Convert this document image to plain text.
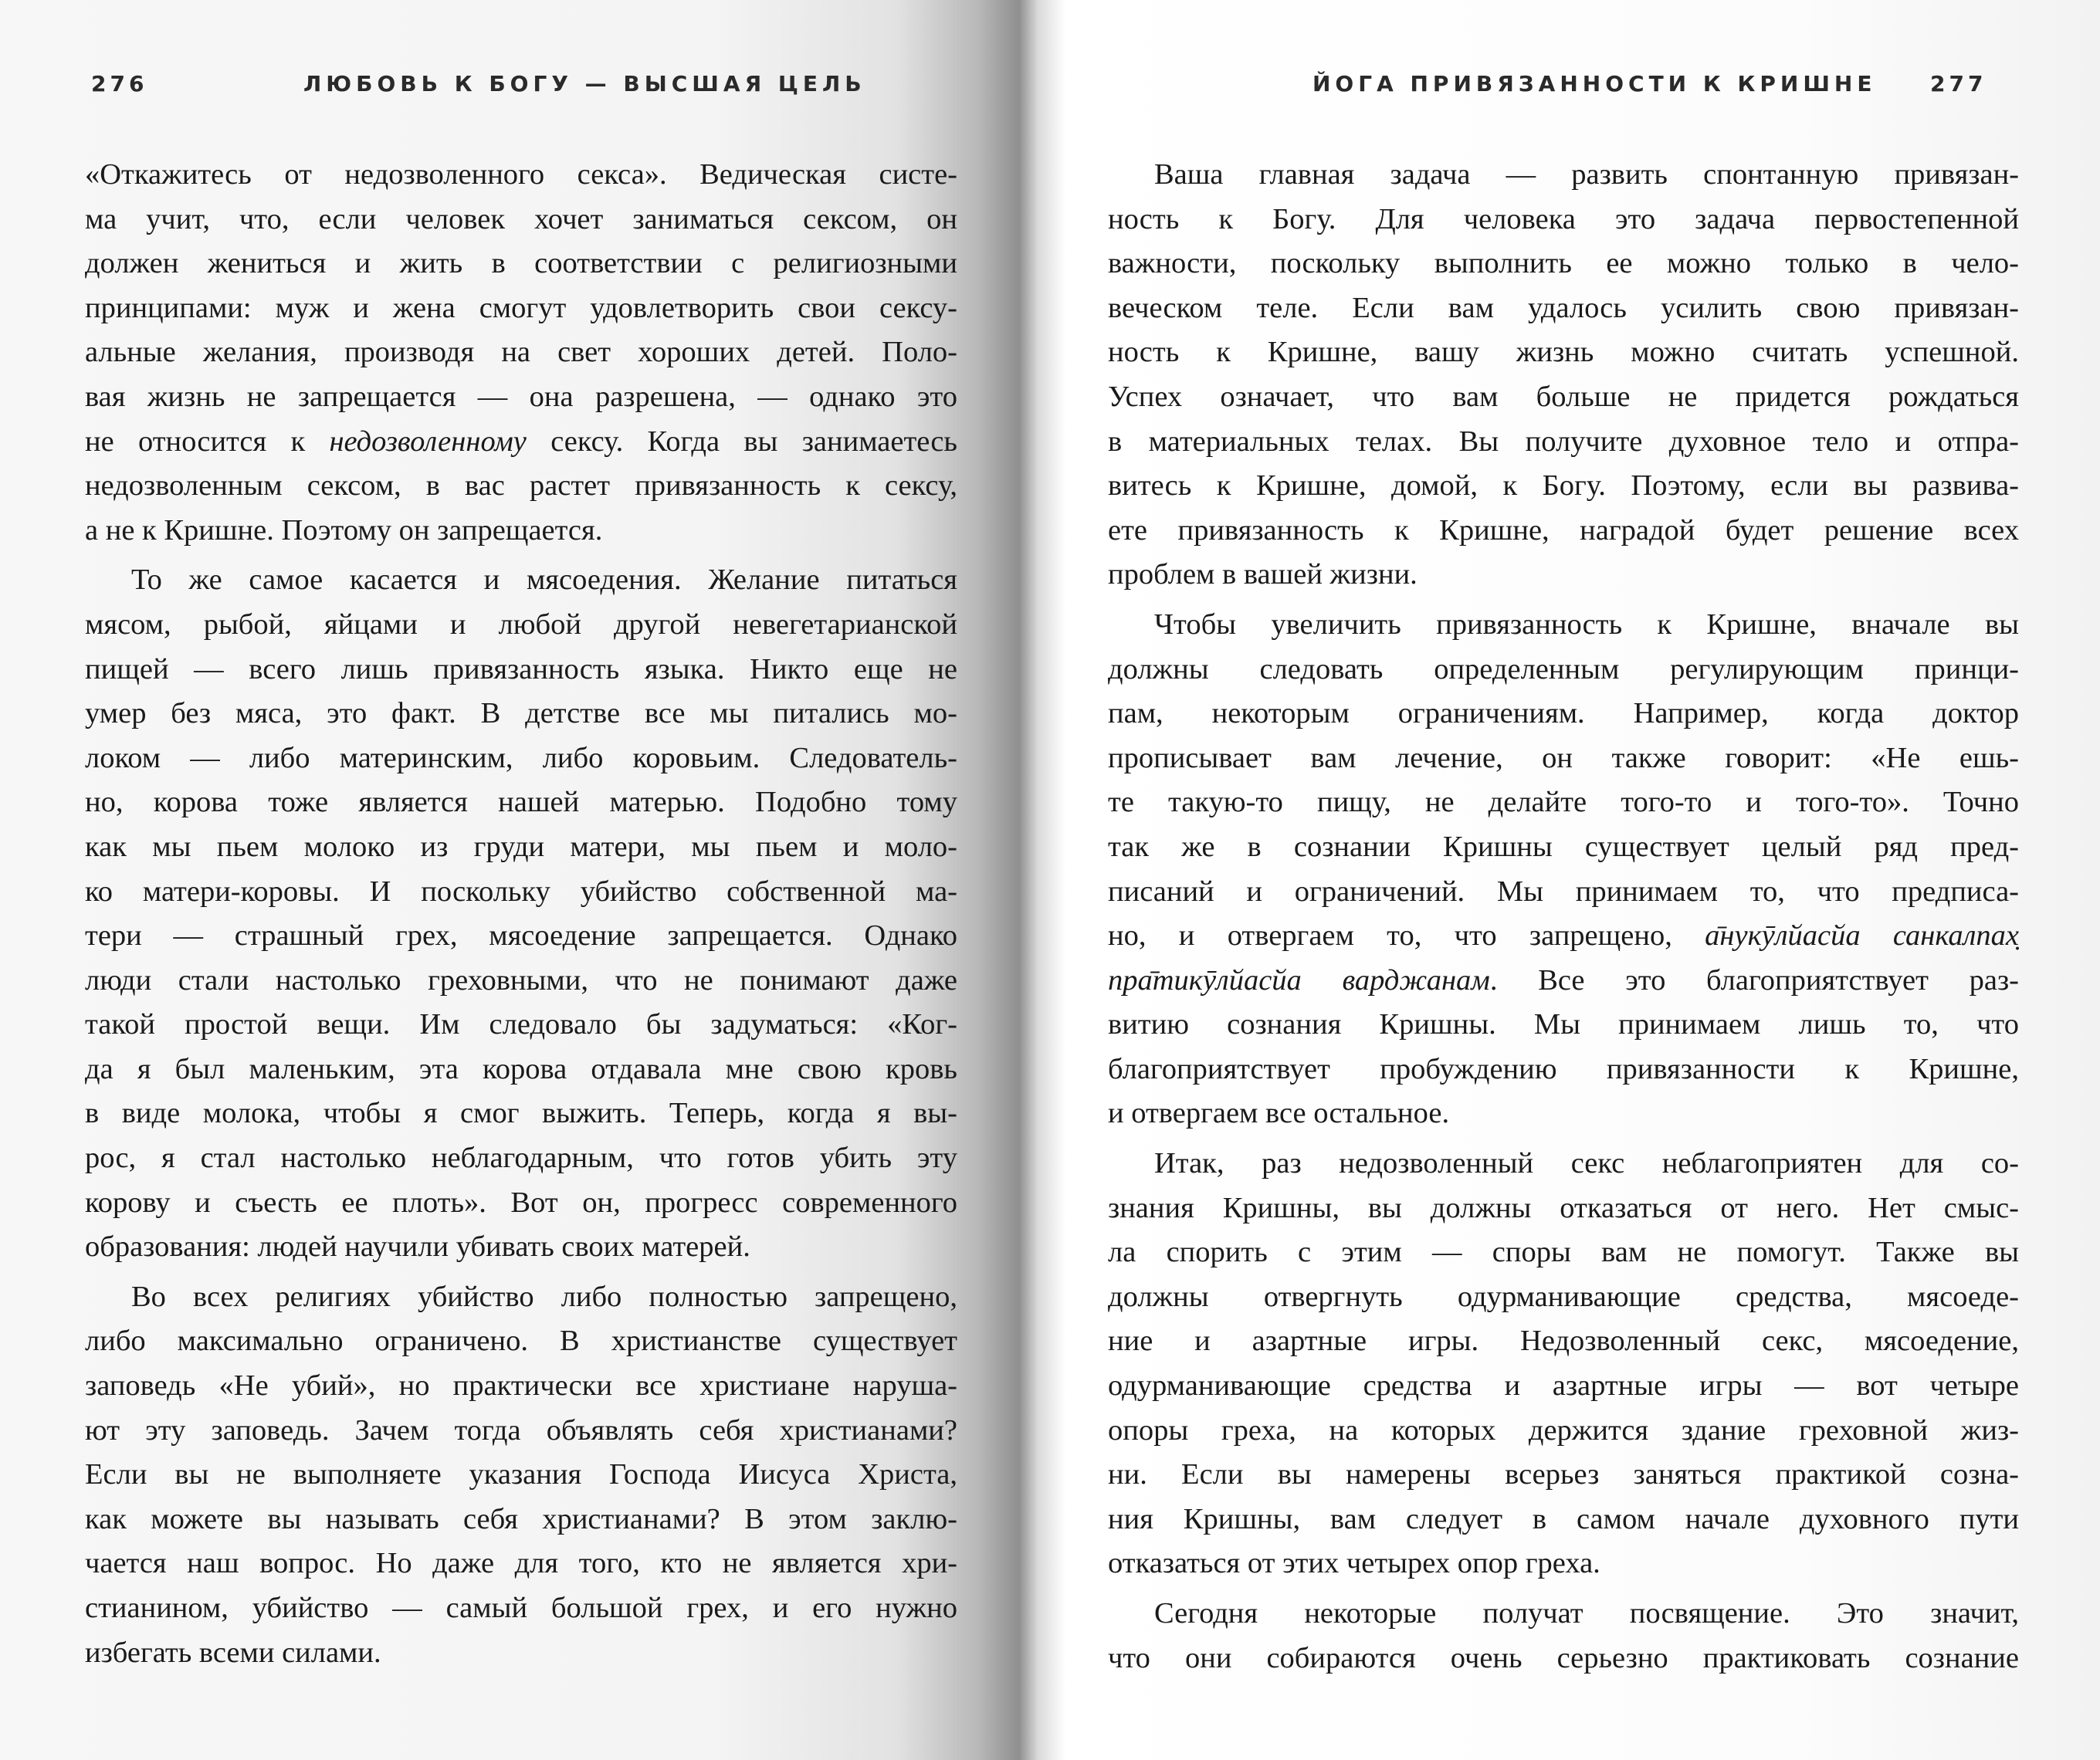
276	ЛЮБОВЬ К БОГУ — ВЫСШАЯ ЦЕЛЬ
«Откажитесь от недозволенного секса». Ведическая систе-
ма учит, что, если человек хочет заниматься сексом, он
должен жениться и жить в соответствии с религиозными
принципами: муж и жена смогут удовлетворить свои сексу-
альные желания, производя на свет хороших детей. Поло-
вая жизнь не запрещается — она разрешена, — однако это
не относится к недозволенному сексу. Когда вы занимаетесь
недозволенным сексом, в вас растет привязанность к сексу,
а не к Кришне. Поэтому он запрещается.
То же самое касается и мясоедения. Желание питаться
мясом, рыбой, яйцами и любой другой невегетарианской
пищей — всего лишь привязанность языка. Никто еще не
умер без мяса, это факт. В детстве все мы питались мо-
локом — либо материнским, либо коровьим. Следователь-
но, корова тоже является нашей матерью. Подобно тому
как мы пьем молоко из груди матери, мы пьем и моло-
ко матери-коровы. И поскольку убийство собственной ма-
тери — страшный грех, мясоедение запрещается. Однако
люди стали настолько греховными, что не понимают даже
такой простой вещи. Им следовало бы задуматься: «Ког-
да я был маленьким, эта корова отдавала мне свою кровь
в виде молока, чтобы я смог выжить. Теперь, когда я вы-
рос, я стал настолько неблагодарным, что готов убить эту
корову и съесть ее плоть». Вот он, прогресс современного
образования: людей научили убивать своих матерей.
Во всех религиях убийство либо полностью запрещено,
либо максимально ограничено. В христианстве существует
заповедь «Не убий», но практически все христиане наруша-
ют эту заповедь. Зачем тогда объявлять себя христианами?
Если вы не выполняете указания Господа Иисуса Христа,
как можете вы называть себя христианами? В этом заклю-
чается наш вопрос. Но даже для того, кто не является хри-
стианином, убийство — самый большой грех, и его нужно
избегать всеми силами.
ЙОГА ПРИВЯЗАННОСТИ К КРИШНЕ 277
Ваша главная задача — развить спонтанную привязан-
ность к Богу. Для человека это задача первостепенной
важности, поскольку выполнить ее можно только в чело-
веческом теле. Если вам удалось усилить свою привязан-
ность к Кришне, вашу жизнь можно считать успешной.
Успех означает, что вам больше не придется рождаться
в материальных телах. Вы получите духовное тело и отпра-
витесь к Кришне, домой, к Богу. Поэтому, если вы развива-
ете привязанность к Кришне, наградой будет решение всех
проблем в вашей жизни.
Чтобы увеличить привязанность к Кришне, вначале вы
должны следовать определенным регулирующим принци-
пам, некоторым ограничениям. Например, когда доктор
прописывает вам лечение, он также говорит: «Не ешь-
те такую-то пищу, не делайте того-то и того-то». Точно
так же в сознании Кришны существует целый ряд пред-
писаний и ограничений. Мы принимаем то, что предписа-
но, и отвергаем то, что запрещено, а̄нукӯлйасйа санкалпах̣
пра̄тикӯлйасйа варджанам. Все это благоприятствует раз-
витию сознания Кришны. Мы принимаем лишь то, что
благоприятствует пробуждению привязанности к Кришне,
и отвергаем все остальное.
Итак, раз недозволенный секс неблагоприятен для со-
знания Кришны, вы должны отказаться от него. Нет смыс-
ла спорить с этим — споры вам не помогут. Также вы
должны отвергнуть одурманивающие средства, мясоеде-
ние и азартные игры. Недозволенный секс, мясоедение,
одурманивающие средства и азартные игры — вот четыре
опоры греха, на которых держится здание греховной жиз-
ни. Если вы намерены всерьез заняться практикой созна-
ния Кришны, вам следует в самом начале духовного пути
отказаться от этих четырех опор греха.
Сегодня некоторые получат посвящение. Это значит,
что они собираются очень серьезно практиковать сознание
